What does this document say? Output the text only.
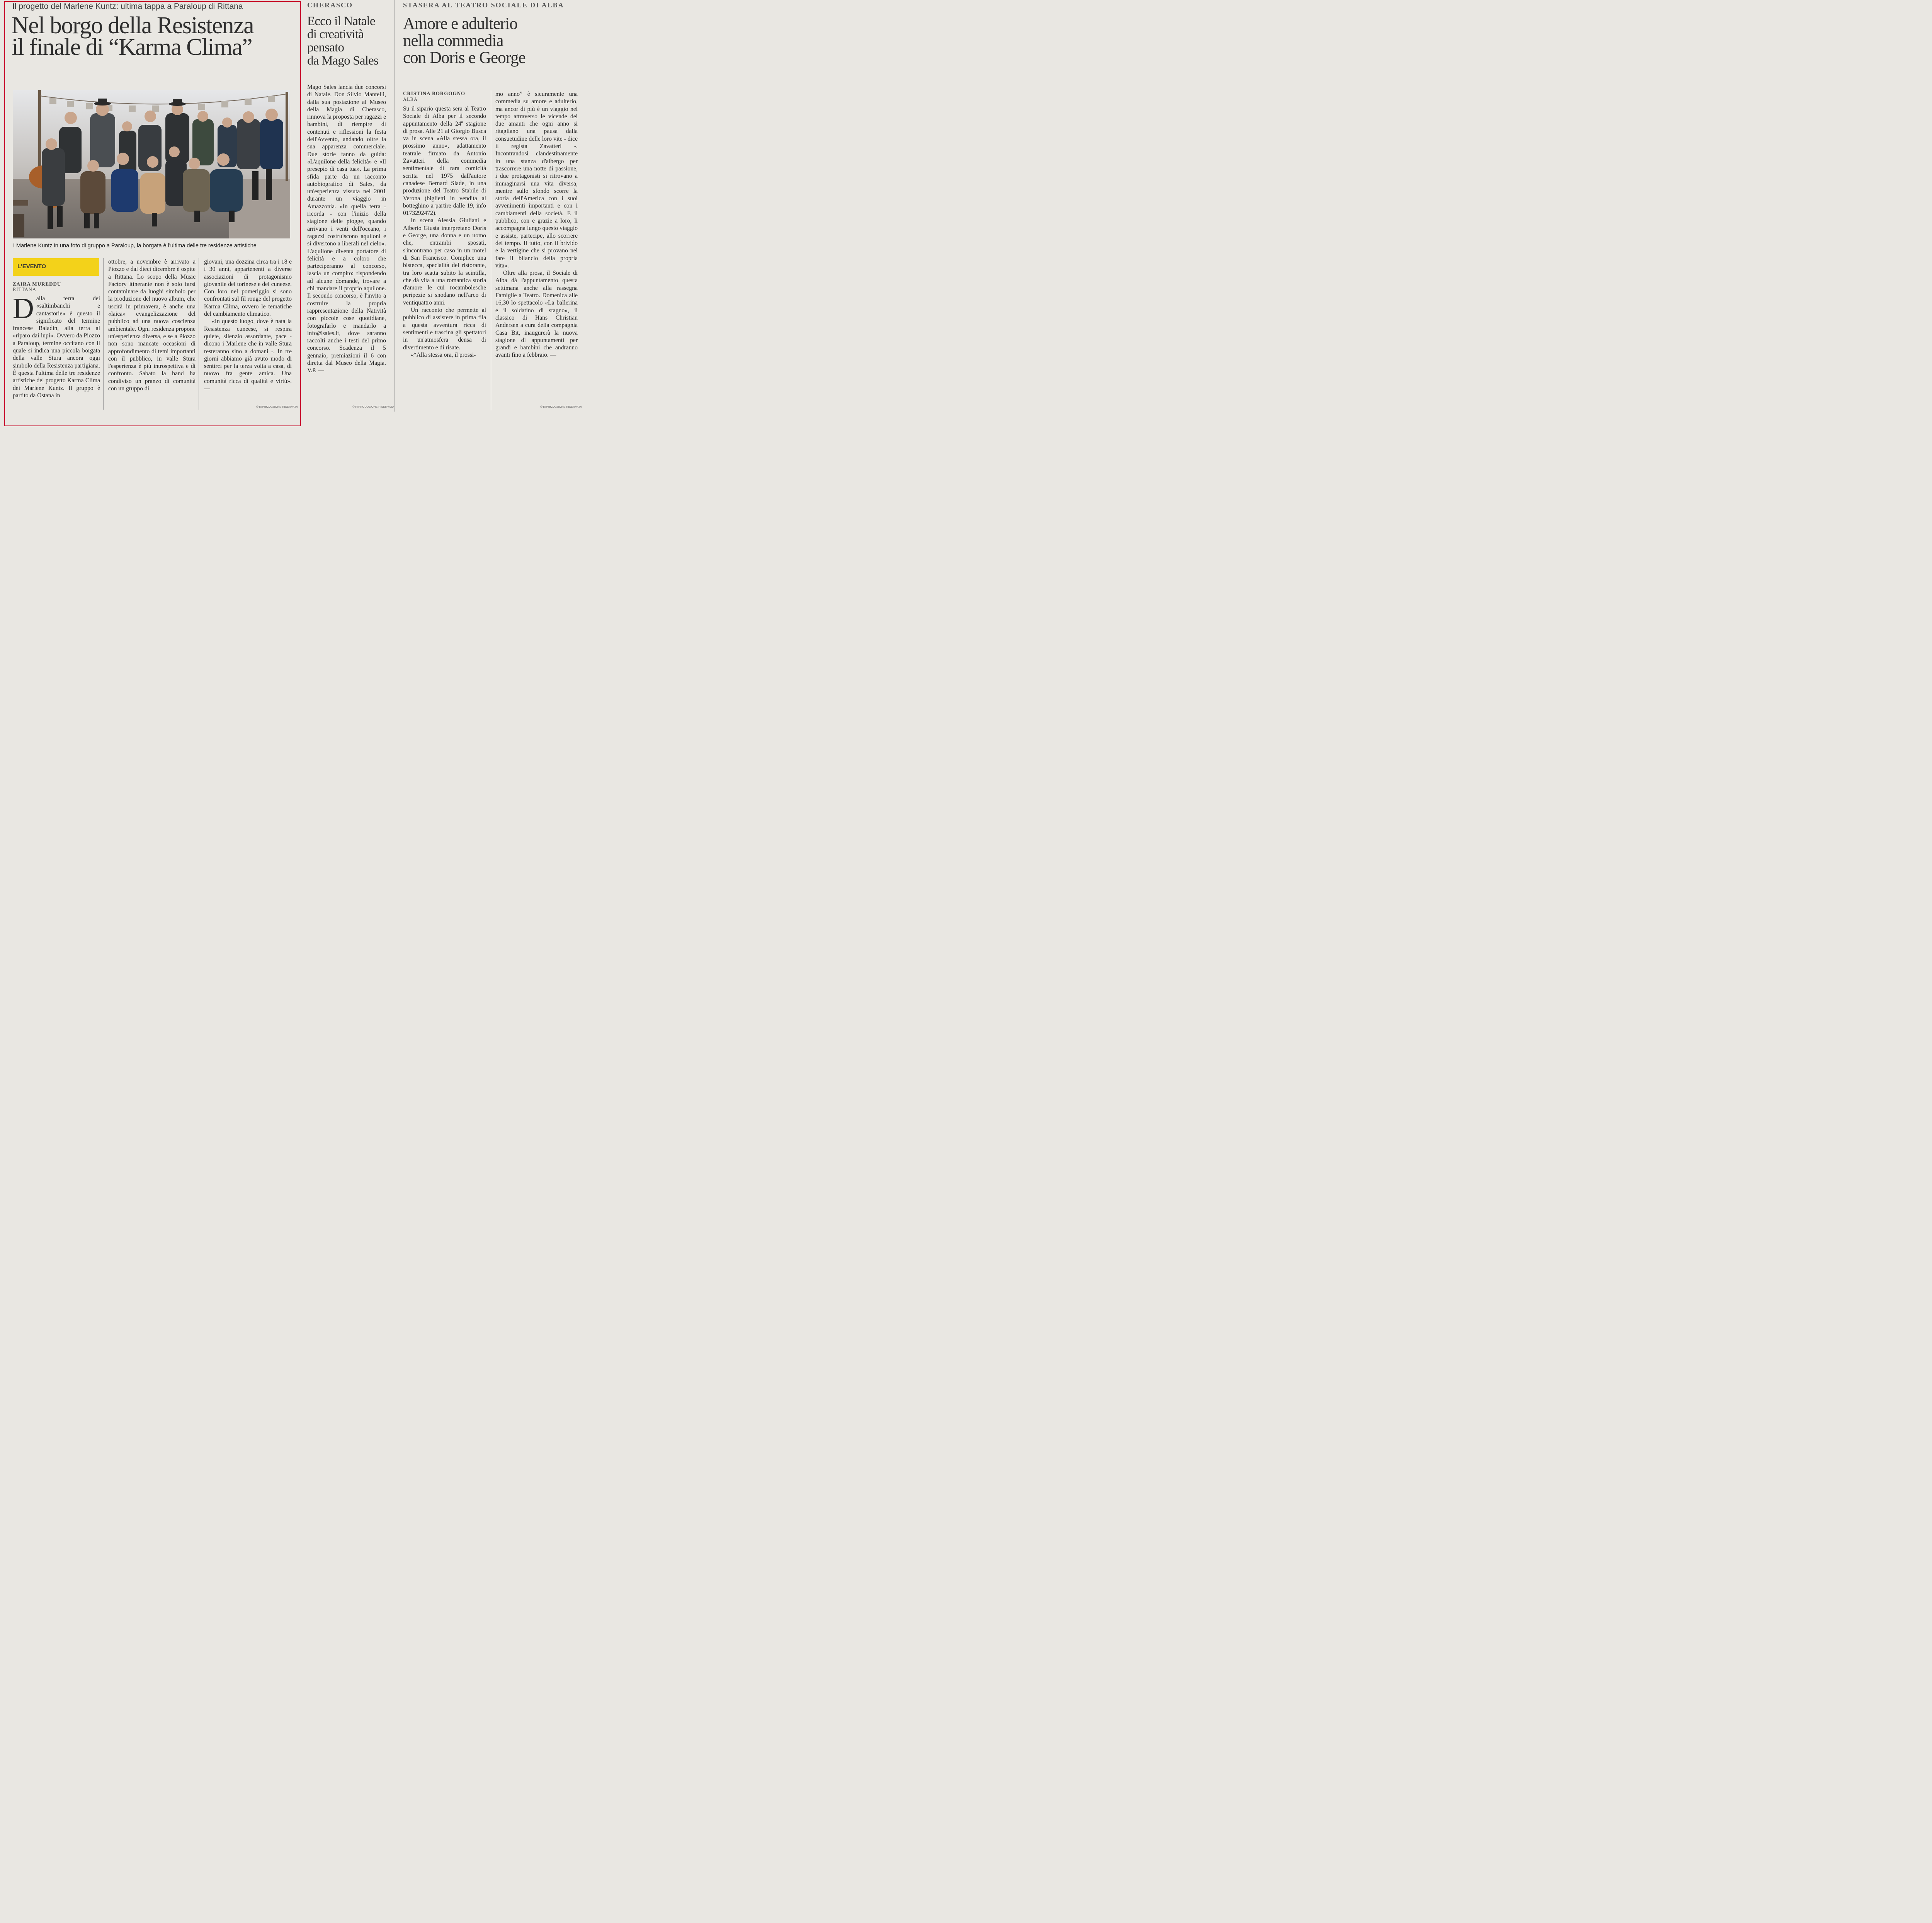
Il progetto del Marlene Kuntz: ultima tappa a Paraloup di Rittana
Nel borgo della Resistenza
il finale di “Karma Clima”
I Marlene Kuntz in una foto di gruppo a Paraloup, la borgata è l'ultima delle tre residenze artistiche
L'EVENTO
ZAIRA MUREDDU
RITTANA
Dalla terra dei «saltimbanchi e cantastorie» è questo il significato del termine francese Baladin, alla terra al «riparo dai lupi». Ovvero da Piozzo a Paraloup, termine occitano con il quale si indica una piccola borgata della valle Stura ancora oggi simbolo della Resistenza partigiana. È questa l'ultima delle tre residenze artistiche del progetto Karma Clima dei Marlene Kuntz. Il gruppo è partito da Ostana in

ottobre, a novembre è arrivato a Piozzo e dal dieci dicembre è ospite a Rittana. Lo scopo della Music Factory itinerante non è solo farsi contaminare da luoghi simbolo per la produzione del nuovo album, che uscirà in primavera, è anche una «laica» evangelizzazione del pubblico ad una nuova coscienza ambientale. Ogni residenza propone un'esperienza diversa, e se a Piozzo non sono mancate occasioni di approfondimento di temi importanti con il pubblico, in valle Stura l'esperienza è più introspettiva e di confronto. Sabato la band ha condiviso un pranzo di comunità con un gruppo di

giovani, una dozzina circa tra i 18 e i 30 anni, appartenenti a diverse associazioni di protagonismo giovanile del torinese e del cuneese. Con loro nel pomeriggio si sono confrontati sul fil rouge del progetto Karma Clima, ovvero le tematiche del cambiamento climatico.

«In questo luogo, dove è nata la Resistenza cuneese, si respira quiete, silenzio assordante, pace - dicono i Marlene che in valle Stura resteranno sino a domani -. In tre giorni abbiamo già avuto modo di sentirci per la terza volta a casa, di nuovo fra gente amica. Una comunità ricca di qualità e virtù». —

© RIPRODUZIONE RISERVATA
CHERASCO
Ecco il Natale
di creatività
pensato
da Mago Sales

Mago Sales lancia due concorsi di Natale. Don Silvio Mantelli, dalla sua postazione al Museo della Magia di Cherasco, rinnova la proposta per ragazzi e bambini, di riempire di contenuti e riflessioni la festa dell'Avvento, andando oltre la sua apparenza commerciale. Due storie fanno da guida: «L'aquilone della felicità» e «Il presepio di casa tua». La prima sfida parte da un racconto autobiografico di Sales, da un'esperienza vissuta nel 2001 durante un viaggio in Amazzonia. «In quella terra - ricorda - con l'inizio della stagione delle piogge, quando arrivano i venti dell'oceano, i ragazzi costruiscono aquiloni e si divertono a liberali nel cielo». L'aquilone diventa portatore di felicità e a coloro che parteciperanno al concorso, lascia un compito: rispondendo ad alcune domande, trovare a chi mandare il proprio aquilone. Il secondo concorso, è l'invito a costruire la propria rappresentazione della Natività con piccole cose quotidiane, fotografarlo e mandarlo a info@sales.it, dove saranno raccolti anche i testi del primo concorso. Scadenza il 5 gennaio, premiazioni il 6 con diretta dal Museo della Magia. V.P. —

© RIPRODUZIONE RISERVATA
STASERA AL TEATRO SOCIALE DI ALBA
Amore e adulterio
nella commedia
con Doris e George
CRISTINA BORGOGNO
ALBA

Su il sipario questa sera al Teatro Sociale di Alba per il secondo appuntamento della 24ª stagione di prosa. Alle 21 al Giorgio Busca va in scena «Alla stessa ora, il prossimo anno», adattamento teatrale firmato da Antonio Zavatteri della commedia sentimentale di rara comicità scritta nel 1975 dall'autore canadese Bernard Slade, in una produzione del Teatro Stabile di Verona (biglietti in vendita al botteghino a partire dalle 19, info 0173292472).

In scena Alessia Giuliani e Alberto Giusta interpretano Doris e George, una donna e un uomo che, entrambi sposati, s'incontrano per caso in un motel di San Francisco. Complice una bistecca, specialità del ristorante, tra loro scatta subito la scintilla, che dà vita a una romantica storia d'amore le cui rocambolesche peripezie si snodano nell'arco di ventiquattro anni.

Un racconto che permette al pubblico di assistere in prima fila a questa avventura ricca di sentimenti e trascina gli spettatori in un'atmosfera densa di divertimento e di risate.

«“Alla stessa ora, il prossi-

mo anno” è sicuramente una commedia su amore e adulterio, ma ancor di più è un viaggio nel tempo attraverso le vicende dei due amanti che ogni anno si ritagliano una pausa dalla consuetudine delle loro vite - dice il regista Zavatteri -. Incontrandosi clandestinamente in una stanza d'albergo per trascorrere una notte di passione, i due protagonisti si ritrovano a immaginarsi una vita diversa, mentre sullo sfondo scorre la storia dell'America con i suoi avvenimenti importanti e con i cambiamenti della società. E il pubblico, con e grazie a loro, li accompagna lungo questo viaggio e assiste, partecipe, allo scorrere del tempo. Il tutto, con il brivido e la vertigine che si provano nel fare il bilancio della propria vita».

Oltre alla prosa, il Sociale di Alba dà l'appuntamento questa settimana anche alla rassegna Famiglie a Teatro. Domenica alle 16,30 lo spettacolo «La ballerina e il soldatino di stagno», il classico di Hans Christian Andersen a cura della compagnia Casa Bit, inaugurerà la nuova stagione di appuntamenti per grandi e bambini che andranno avanti fino a febbraio. —

© RIPRODUZIONE RISERVATA
